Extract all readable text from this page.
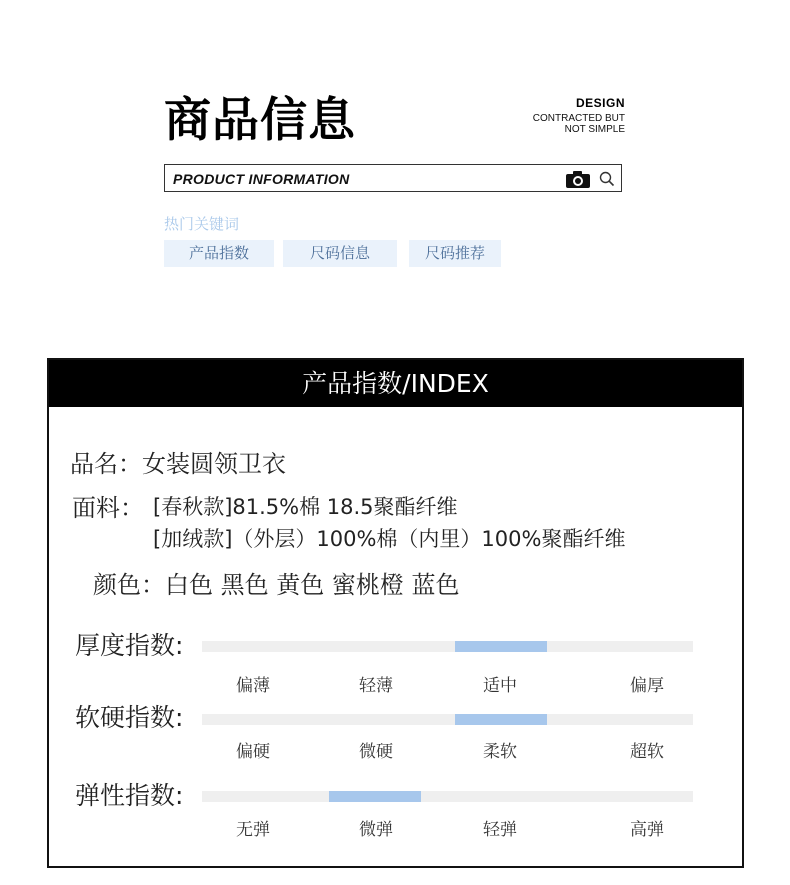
商品信息	DESIGN
CONTRACTED BUT
NOT SIMPLE
PRODUCT INFORMATION
热门关键词
产品指数	尺码信息	尺码推荐
产品指数/INDEX
品名：女装圆领卫衣
面料： [春秋款]81.5%棉 18.5聚酯纤维
[加绒款]（外层）100%棉（内里）100%聚酯纤维
颜色：白色 黑色 黄色 蜜桃橙 蓝色
厚度指数:
偏薄	轻薄	适中	偏厚
软硬指数:
偏硬	微硬	柔软	超软
弹性指数:
无弹	微弹	轻弹	高弹
